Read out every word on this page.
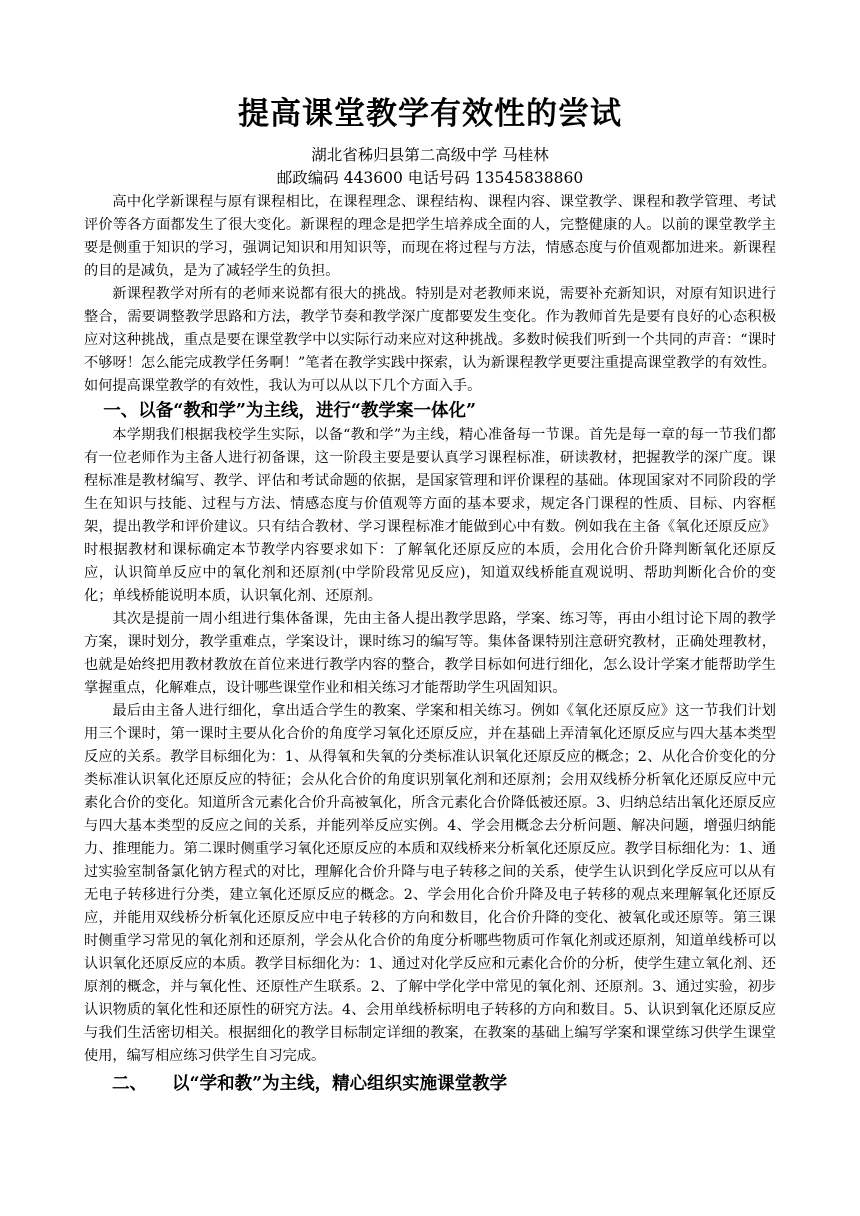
提高课堂教学有效性的尝试

湖北省秭归县第二高级中学 马桂林

邮政编码 443600 电话号码 13545838860

高中化学新课程与原有课程相比，在课程理念、课程结构、课程内容、课堂教学、课程和教学管理、考试评价等各方面都发生了很大变化。新课程的理念是把学生培养成全面的人，完整健康的人。以前的课堂教学主要是侧重于知识的学习，强调记知识和用知识等，而现在将过程与方法，情感态度与价值观都加进来。新课程的目的是减负，是为了减轻学生的负担。

新课程教学对所有的老师来说都有很大的挑战。特别是对老教师来说，需要补充新知识，对原有知识进行整合，需要调整教学思路和方法，教学节奏和教学深广度都要发生变化。作为教师首先是要有良好的心态积极应对这种挑战，重点是要在课堂教学中以实际行动来应对这种挑战。多数时候我们听到一个共同的声音：“课时不够呀！怎么能完成教学任务啊！”笔者在教学实践中探索，认为新课程教学更要注重提高课堂教学的有效性。如何提高课堂教学的有效性，我认为可以从以下几个方面入手。

一、以备“教和学”为主线，进行“教学案一体化”

本学期我们根据我校学生实际，以备“教和学”为主线，精心准备每一节课。首先是每一章的每一节我们都有一位老师作为主备人进行初备课，这一阶段主要是要认真学习课程标准，研读教材，把握教学的深广度。课程标准是教材编写、教学、评估和考试命题的依据，是国家管理和评价课程的基础。体现国家对不同阶段的学生在知识与技能、过程与方法、情感态度与价值观等方面的基本要求，规定各门课程的性质、目标、内容框架，提出教学和评价建议。只有结合教材、学习课程标准才能做到心中有数。例如我在主备《氧化还原反应》时根据教材和课标确定本节教学内容要求如下：了解氧化还原反应的本质，会用化合价升降判断氧化还原反应，认识简单反应中的氧化剂和还原剂(中学阶段常见反应)，知道双线桥能直观说明、帮助判断化合价的变化；单线桥能说明本质，认识氧化剂、还原剂。

其次是提前一周小组进行集体备课，先由主备人提出教学思路，学案、练习等，再由小组讨论下周的教学方案，课时划分，教学重难点，学案设计，课时练习的编写等。集体备课特别注意研究教材，正确处理教材，也就是始终把用教材教放在首位来进行教学内容的整合，教学目标如何进行细化，怎么设计学案才能帮助学生掌握重点，化解难点，设计哪些课堂作业和相关练习才能帮助学生巩固知识。

最后由主备人进行细化，拿出适合学生的教案、学案和相关练习。例如《氧化还原反应》这一节我们计划用三个课时，第一课时主要从化合价的角度学习氧化还原反应，并在基础上弄清氧化还原反应与四大基本类型反应的关系。教学目标细化为：1、从得氧和失氧的分类标准认识氧化还原反应的概念；2、从化合价变化的分类标准认识氧化还原反应的特征；会从化合价的角度识别氧化剂和还原剂；会用双线桥分析氧化还原反应中元素化合价的变化。知道所含元素化合价升高被氧化，所含元素化合价降低被还原。3、归纳总结出氧化还原反应与四大基本类型的反应之间的关系，并能列举反应实例。4、学会用概念去分析问题、解决问题，增强归纳能力、推理能力。第二课时侧重学习氧化还原反应的本质和双线桥来分析氧化还原反应。教学目标细化为：1、通过实验室制备氯化钠方程式的对比，理解化合价升降与电子转移之间的关系，使学生认识到化学反应可以从有无电子转移进行分类，建立氧化还原反应的概念。2、学会用化合价升降及电子转移的观点来理解氧化还原反应，并能用双线桥分析氧化还原反应中电子转移的方向和数目，化合价升降的变化、被氧化或还原等。第三课时侧重学习常见的氧化剂和还原剂，学会从化合价的角度分析哪些物质可作氧化剂或还原剂，知道单线桥可以认识氧化还原反应的本质。教学目标细化为：1、通过对化学反应和元素化合价的分析，使学生建立氧化剂、还原剂的概念，并与氧化性、还原性产生联系。2、了解中学化学中常见的氧化剂、还原剂。3、通过实验，初步认识物质的氧化性和还原性的研究方法。4、会用单线桥标明电子转移的方向和数目。5、认识到氧化还原反应与我们生活密切相关。根据细化的教学目标制定详细的教案，在教案的基础上编写学案和课堂练习供学生课堂使用，编写相应练习供学生自习完成。

二、 以“学和教”为主线，精心组织实施课堂教学
